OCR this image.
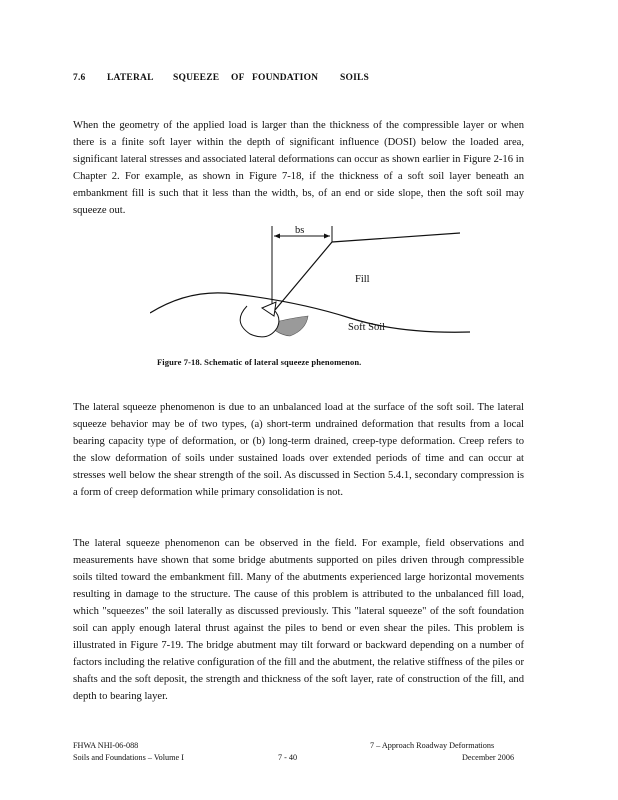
7.6 LATERAL SQUEEZE OF FOUNDATION SOILS

When the geometry of the applied load is larger than the thickness of the compressible layer or when there is a finite soft layer within the depth of significant influence (DOSI) below the loaded area, significant lateral stresses and associated lateral deformations can occur as shown earlier in Figure 2-16 in Chapter 2. For example, as shown in Figure 7-18, if the thickness of a soft soil layer beneath an embankment fill is such that it less than the width, bs, of an end or side slope, then the soft soil may squeeze out.

bs
Fill
Soft Soil
Figure 7-18. Schematic of lateral squeeze phenomenon.

The lateral squeeze phenomenon is due to an unbalanced load at the surface of the soft soil. The lateral squeeze behavior may be of two types, (a) short-term undrained deformation that results from a local bearing capacity type of deformation, or (b) long-term drained, creep-type deformation. Creep refers to the slow deformation of soils under sustained loads over extended periods of time and can occur at stresses well below the shear strength of the soil. As discussed in Section 5.4.1, secondary compression is a form of creep deformation while primary consolidation is not.

The lateral squeeze phenomenon can be observed in the field. For example, field observations and measurements have shown that some bridge abutments supported on piles driven through compressible soils tilted toward the embankment fill. Many of the abutments experienced large horizontal movements resulting in damage to the structure. The cause of this problem is attributed to the unbalanced fill load, which "squeezes" the soil laterally as discussed previously. This "lateral squeeze" of the soft foundation soil can apply enough lateral thrust against the piles to bend or even shear the piles. This problem is illustrated in Figure 7-19. The bridge abutment may tilt forward or backward depending on a number of factors including the relative configuration of the fill and the abutment, the relative stiffness of the piles or shafts and the soft deposit, the strength and thickness of the soft layer, rate of construction of the fill, and depth to bearing layer.

FHWA NHI-06-088
Soils and Foundations – Volume I	7 - 40
7 – Approach Roadway Deformations
December 2006
